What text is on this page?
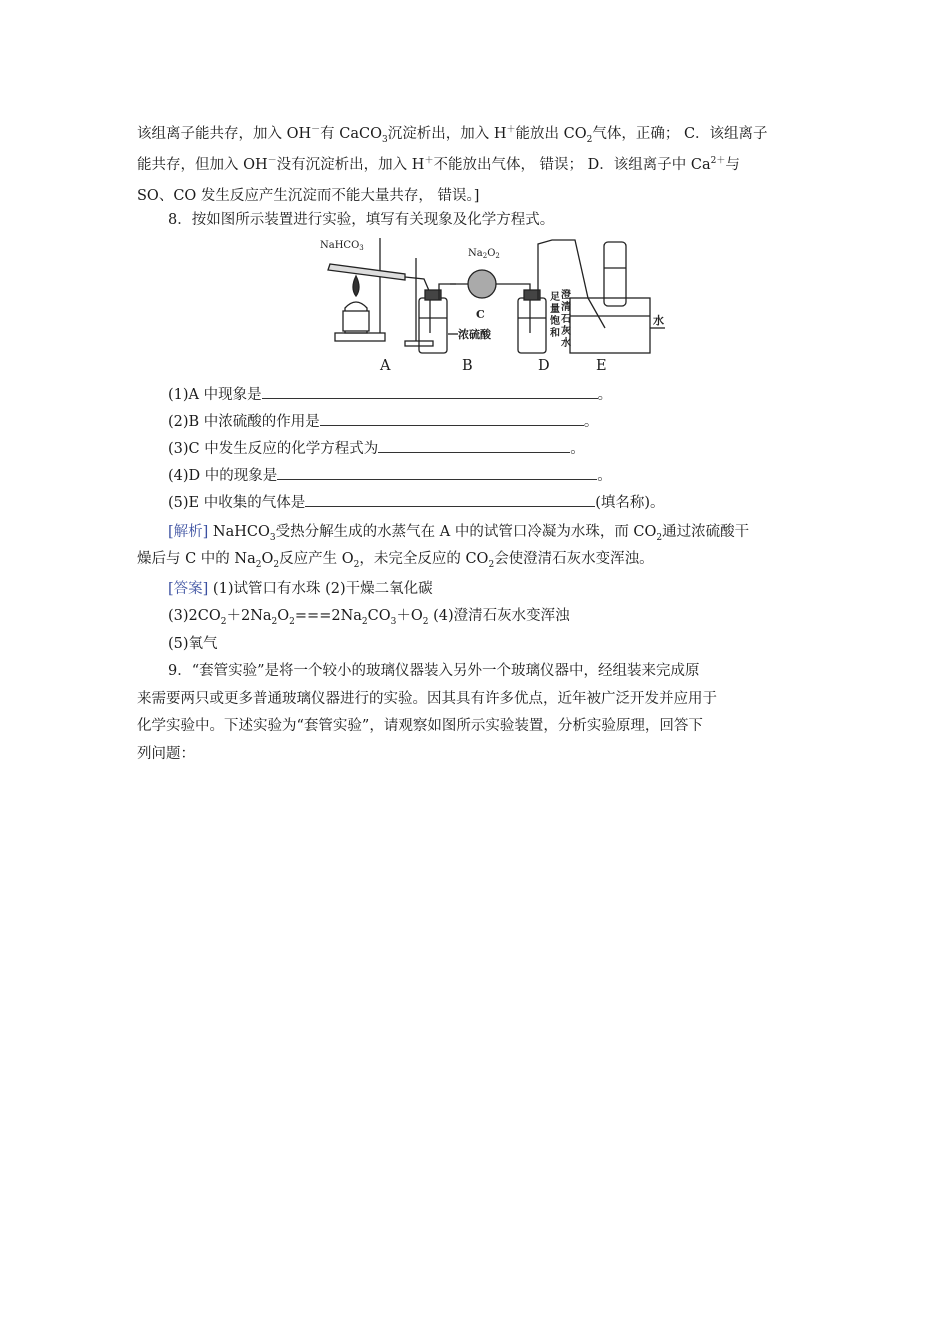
该组离子能共存，加入 OH－有 CaCO$_3$沉淀析出，加入 H＋能放出 $CO_2$气体，正确； C．该组离子
能共存，但加入 OH－没有沉淀析出，加入 H＋不能放出气体， 错误； D．该组离子中 $Ca^{2+}$与
SO、CO 发生反应产生沉淀而不能大量共存， 错误。]
8．按如图所示装置进行实验，填写有关现象及化学方程式。
NaHCO$_3$	$Na_2O_2$
C
浓硫酸
足
量
饱
和
澄
清
石
灰
水
水
A	B	D	E
(1)A 中现象是	。
(2)B 中浓硫酸的作用是	。
(3)C 中发生反应的化学方程式为	。
(4)D 中的现象是	。
(5)E 中收集的气体是	(填名称)。
[解析] NaHCO$_3$受热分解生成的水蒸气在 A 中的试管口冷凝为水珠，而 $CO_2$通过浓硫酸干
燥后与 C 中的 $Na_2O_2$反应产生 $O_2$，未完全反应的 $CO_2$会使澄清石灰水变浑浊。
[答案] (1)试管口有水珠 (2)干燥二氧化碳
$(3)2CO_2+2Na_2O_2===2Na_2CO_3+O_2$ (4)澄清石灰水变浑浊
(5)氧气
9．“套管实验”是将一个较小的玻璃仪器装入另外一个玻璃仪器中，经组装来完成原
来需要两只或更多普通玻璃仪器进行的实验。因其具有许多优点，近年被广泛开发并应用于
化学实验中。下述实验为“套管实验”，请观察如图所示实验装置，分析实验原理，回答下
列问题：
